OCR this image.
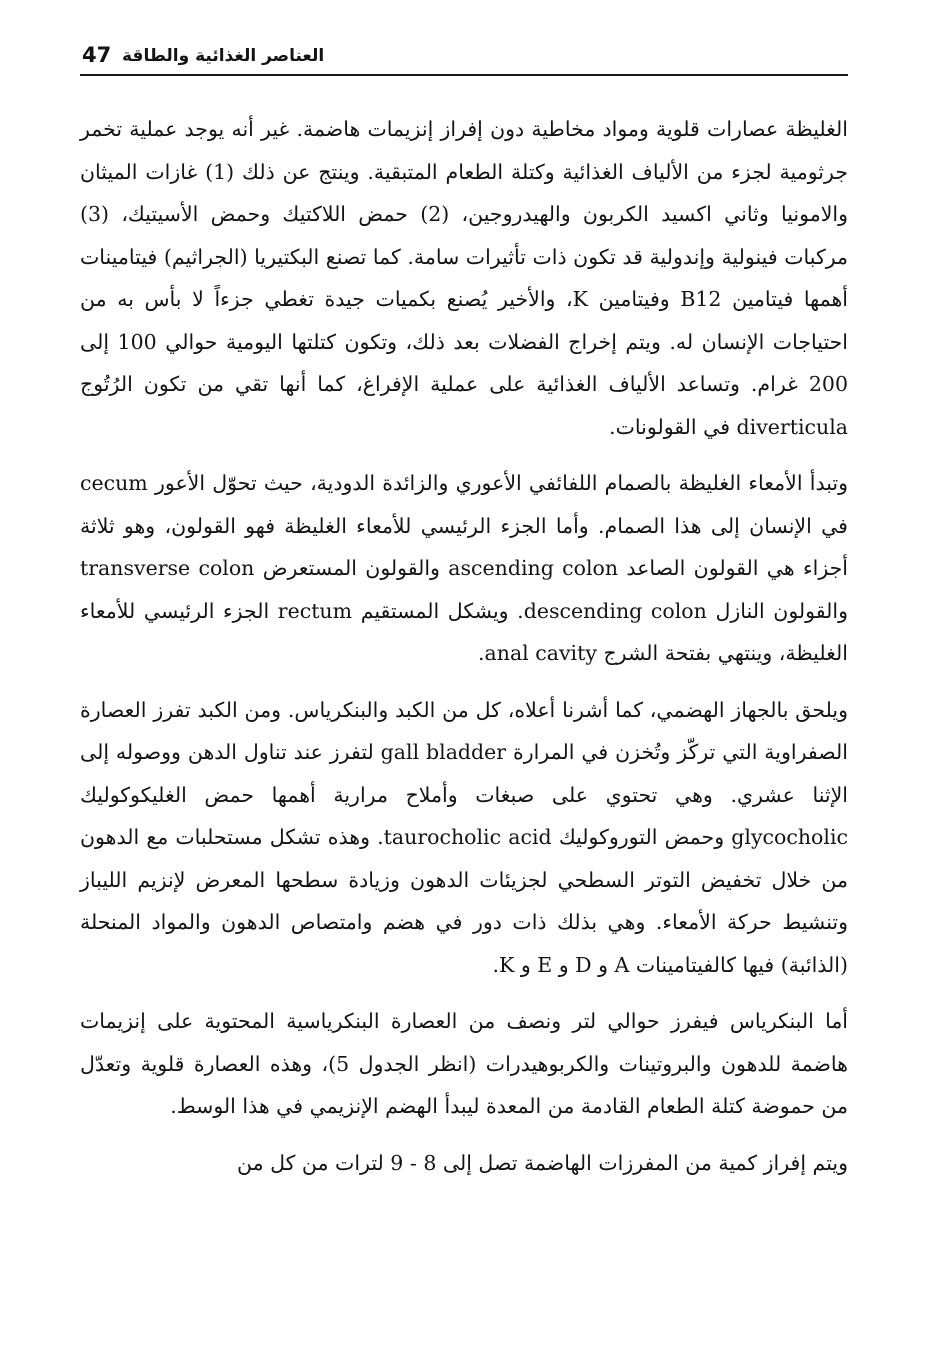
47 العناصر الغذائية والطاقة

الغليظة عصارات قلوية ومواد مخاطية دون إفراز إنزيمات هاضمة. غير أنه يوجد عملية تخمر جرثومية لجزء من الألياف الغذائية وكتلة الطعام المتبقية. وينتج عن ذلك (1) غازات الميثان والامونيا وثاني اكسيد الكربون والهيدروجين، (2) حمض اللاكتيك وحمض الأسيتيك، (3) مركبات فينولية وإندولية قد تكون ذات تأثيرات سامة. كما تصنع البكتيريا (الجراثيم) فيتامينات أهمها فيتامين B12 وفيتامين K، والأخير يُصنع بكميات جيدة تغطي جزءاً لا بأس به من احتياجات الإنسان له. ويتم إخراج الفضلات بعد ذلك، وتكون كتلتها اليومية حوالي 100 إلى 200 غرام. وتساعد الألياف الغذائية على عملية الإفراغ، كما أنها تقي من تكون الرُتُوج diverticula في القولونات.

وتبدأ الأمعاء الغليظة بالصمام اللفائفي الأعوري والزائدة الدودية، حيث تحوّل الأعور cecum في الإنسان إلى هذا الصمام. وأما الجزء الرئيسي للأمعاء الغليظة فهو القولون، وهو ثلاثة أجزاء هي القولون الصاعد ascending colon والقولون المستعرض transverse colon والقولون النازل descending colon. ويشكل المستقيم rectum الجزء الرئيسي للأمعاء الغليظة، وينتهي بفتحة الشرج anal cavity.

ويلحق بالجهاز الهضمي، كما أشرنا أعلاه، كل من الكبد والبنكرياس. ومن الكبد تفرز العصارة الصفراوية التي تركّز وتُخزن في المرارة gall bladder لتفرز عند تناول الدهن ووصوله إلى الإثنا عشري. وهي تحتوي على صبغات وأملاح مرارية أهمها حمض الغليكوكوليك glycocholic وحمض التوروكوليك taurocholic acid. وهذه تشكل مستحلبات مع الدهون من خلال تخفيض التوتر السطحي لجزيئات الدهون وزيادة سطحها المعرض لإنزيم الليباز وتنشيط حركة الأمعاء. وهي بذلك ذات دور في هضم وامتصاص الدهون والمواد المنحلة (الذائبة) فيها كالفيتامينات A و D و E و K.

أما البنكرياس فيفرز حوالي لتر ونصف من العصارة البنكرياسية المحتوية على إنزيمات هاضمة للدهون والبروتينات والكربوهيدرات (انظر الجدول 5)، وهذه العصارة قلوية وتعدّل من حموضة كتلة الطعام القادمة من المعدة ليبدأ الهضم الإنزيمي في هذا الوسط.

ويتم إفراز كمية من المفرزات الهاضمة تصل إلى 8 - 9 لترات من كل من
